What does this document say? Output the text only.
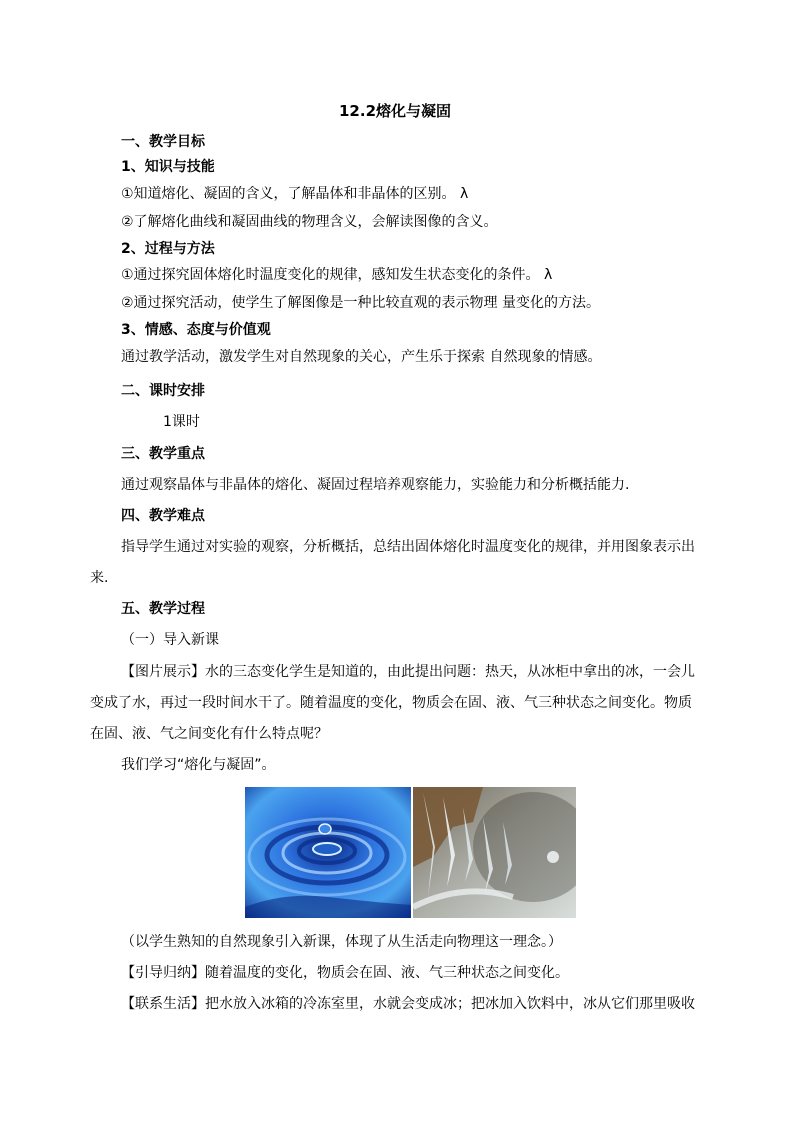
12.2熔化与凝固
一、教学目标
1、知识与技能
①知道熔化、凝固的含义，了解晶体和非晶体的区别。 λ
②了解熔化曲线和凝固曲线的物理含义，会解读图像的含义。
2、过程与方法
①通过探究固体熔化时温度变化的规律，感知发生状态变化的条件。 λ
②通过探究活动，使学生了解图像是一种比较直观的表示物理 量变化的方法。
3、情感、态度与价值观
通过教学活动，激发学生对自然现象的关心，产生乐于探索 自然现象的情感。
二、课时安排
1课时
三、教学重点
通过观察晶体与非晶体的熔化、凝固过程培养观察能力，实验能力和分析概括能力.
四、教学难点
指导学生通过对实验的观察，分析概括，总结出固体熔化时温度变化的规律，并用图象表示出
来.
五、教学过程
（一）导入新课
【图片展示】水的三态变化学生是知道的，由此提出问题：热天，从冰柜中拿出的冰，一会儿
变成了水，再过一段时间水干了。随着温度的变化，物质会在固、液、气三种状态之间变化。物质
在固、液、气之间变化有什么特点呢？
我们学习“熔化与凝固”。
（以学生熟知的自然现象引入新课，体现了从生活走向物理这一理念。）
【引导归纳】随着温度的变化，物质会在固、液、气三种状态之间变化。
【联系生活】把水放入冰箱的冷冻室里，水就会变成冰；把冰加入饮料中，冰从它们那里吸收
